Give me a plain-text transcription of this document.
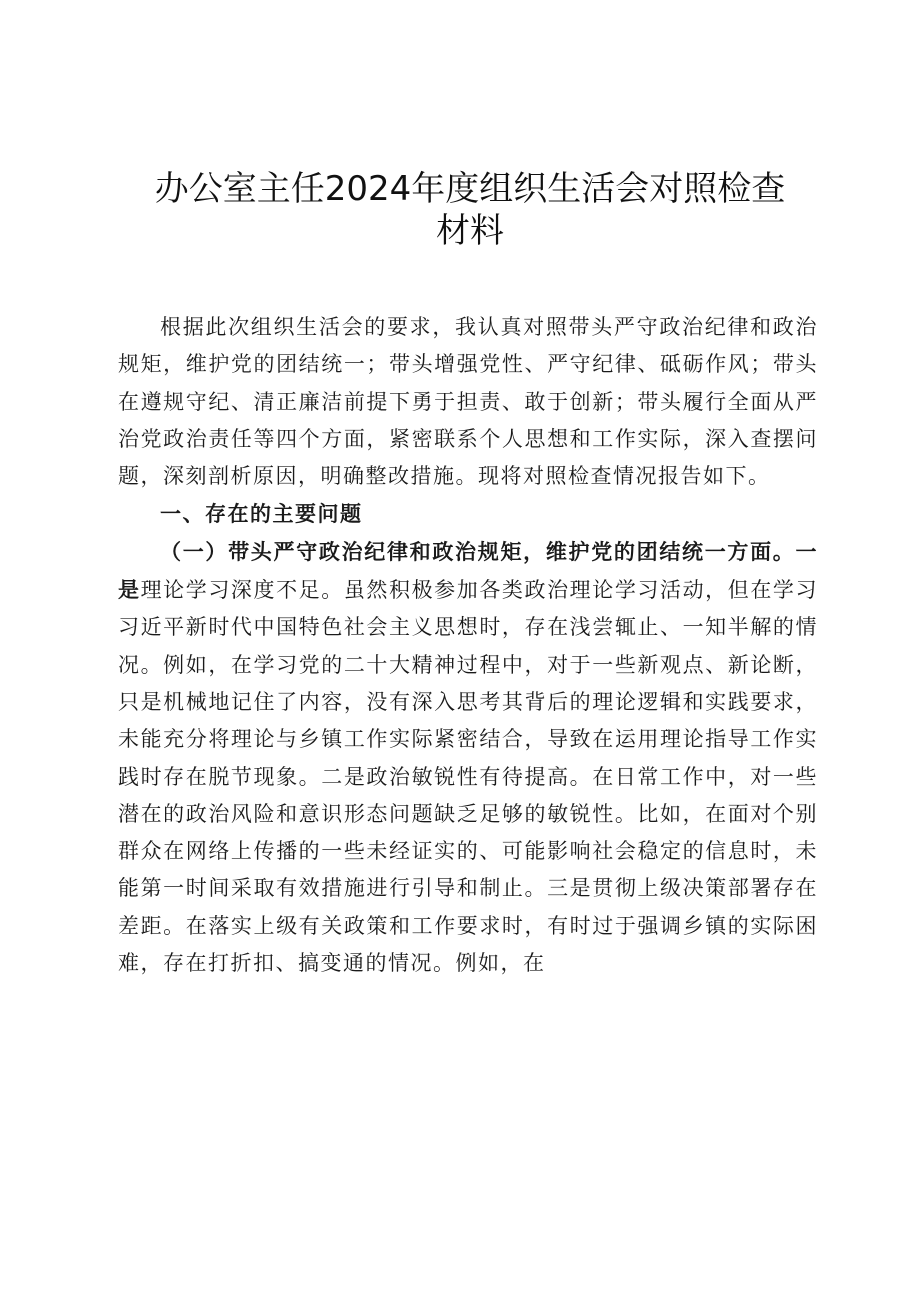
办公室主任2024年度组织生活会对照检查材料

根据此次组织生活会的要求，我认真对照带头严守政治纪律和政治规矩，维护党的团结统一；带头增强党性、严守纪律、砥砺作风；带头在遵规守纪、清正廉洁前提下勇于担责、敢于创新；带头履行全面从严治党政治责任等四个方面，紧密联系个人思想和工作实际，深入查摆问题，深刻剖析原因，明确整改措施。现将对照检查情况报告如下。

一、存在的主要问题

（一）带头严守政治纪律和政治规矩，维护党的团结统一方面。一是理论学习深度不足。虽然积极参加各类政治理论学习活动，但在学习习近平新时代中国特色社会主义思想时，存在浅尝辄止、一知半解的情况。例如，在学习党的二十大精神过程中，对于一些新观点、新论断，只是机械地记住了内容，没有深入思考其背后的理论逻辑和实践要求，未能充分将理论与乡镇工作实际紧密结合，导致在运用理论指导工作实践时存在脱节现象。二是政治敏锐性有待提高。在日常工作中，对一些潜在的政治风险和意识形态问题缺乏足够的敏锐性。比如，在面对个别群众在网络上传播的一些未经证实的、可能影响社会稳定的信息时，未能第一时间采取有效措施进行引导和制止。三是贯彻上级决策部署存在差距。在落实上级有关政策和工作要求时，有时过于强调乡镇的实际困难，存在打折扣、搞变通的情况。例如，在
